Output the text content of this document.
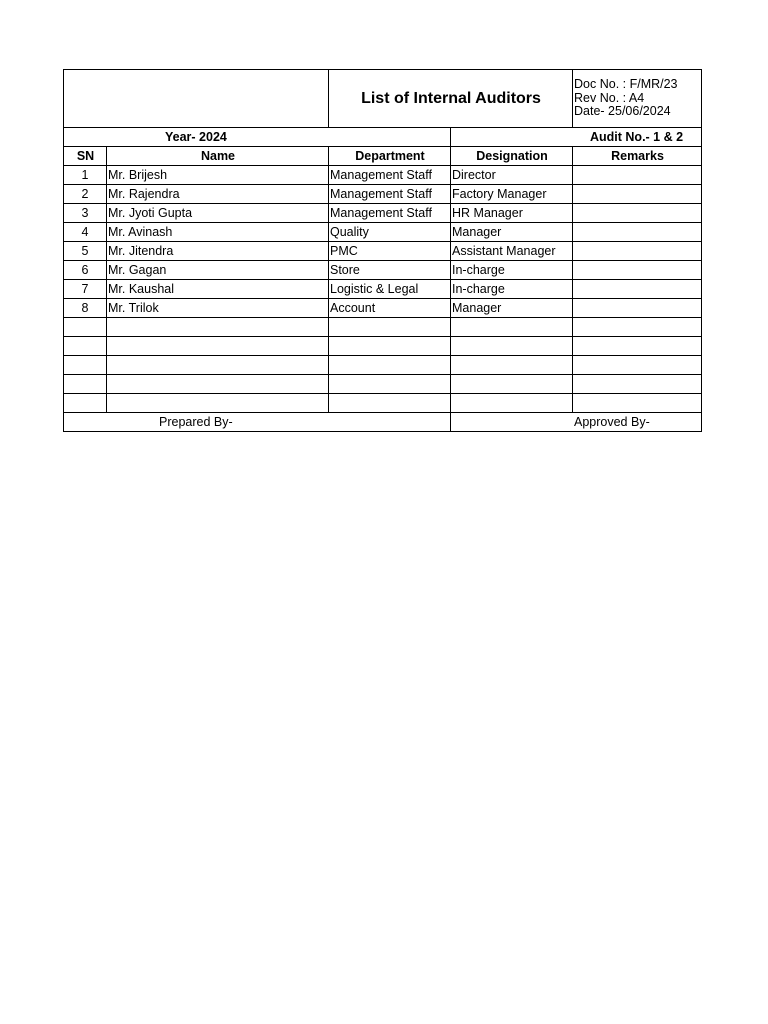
		List of Internal Auditors		Doc No. : F/MR/23
Rev No. : A4
Date- 25/06/2024

Year- 2024			Audit No.- 1 & 2	
SN	Name	Department	Designation	Remarks
1	Mr. Brijesh	Management Staff	Director	
2	Mr. Rajendra	Management Staff	Factory Manager	
3	Mr. Jyoti Gupta	Management Staff	HR Manager	
4	Mr. Avinash	Quality	Manager	
5	Mr. Jitendra	PMC	Assistant Manager	
6	Mr. Gagan	Store	In-charge	
7	Mr. Kaushal	Logistic & Legal	In-charge	
8	Mr. Trilok	Account	Manager	

Prepared By-			Approved By-	
